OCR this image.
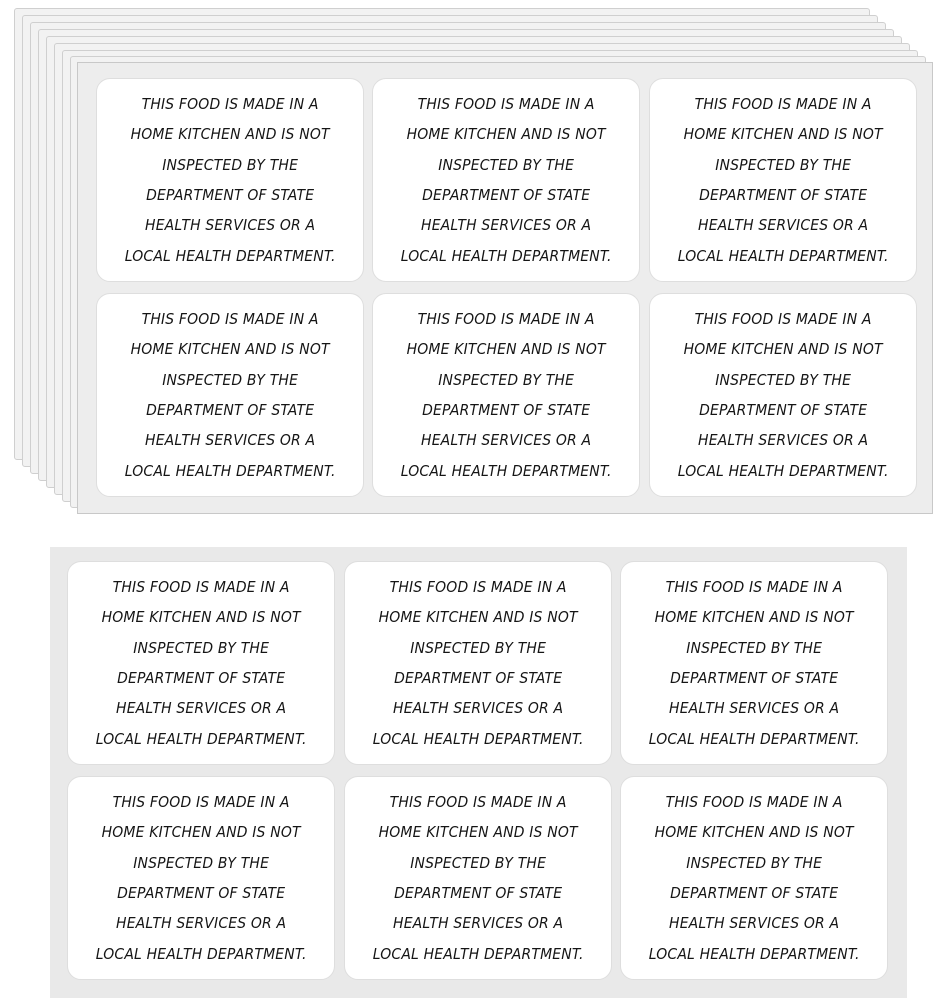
THIS FOOD IS MADE IN A
HOME KITCHEN AND IS NOT
INSPECTED BY THE
DEPARTMENT OF STATE
HEALTH SERVICES OR A
LOCAL HEALTH DEPARTMENT.
THIS FOOD IS MADE IN A
HOME KITCHEN AND IS NOT
INSPECTED BY THE
DEPARTMENT OF STATE
HEALTH SERVICES OR A
LOCAL HEALTH DEPARTMENT.
THIS FOOD IS MADE IN A
HOME KITCHEN AND IS NOT
INSPECTED BY THE
DEPARTMENT OF STATE
HEALTH SERVICES OR A
LOCAL HEALTH DEPARTMENT.
THIS FOOD IS MADE IN A
HOME KITCHEN AND IS NOT
INSPECTED BY THE
DEPARTMENT OF STATE
HEALTH SERVICES OR A
LOCAL HEALTH DEPARTMENT.
THIS FOOD IS MADE IN A
HOME KITCHEN AND IS NOT
INSPECTED BY THE
DEPARTMENT OF STATE
HEALTH SERVICES OR A
LOCAL HEALTH DEPARTMENT.
THIS FOOD IS MADE IN A
HOME KITCHEN AND IS NOT
INSPECTED BY THE
DEPARTMENT OF STATE
HEALTH SERVICES OR A
LOCAL HEALTH DEPARTMENT.
THIS FOOD IS MADE IN A
HOME KITCHEN AND IS NOT
INSPECTED BY THE
DEPARTMENT OF STATE
HEALTH SERVICES OR A
LOCAL HEALTH DEPARTMENT.
THIS FOOD IS MADE IN A
HOME KITCHEN AND IS NOT
INSPECTED BY THE
DEPARTMENT OF STATE
HEALTH SERVICES OR A
LOCAL HEALTH DEPARTMENT.
THIS FOOD IS MADE IN A
HOME KITCHEN AND IS NOT
INSPECTED BY THE
DEPARTMENT OF STATE
HEALTH SERVICES OR A
LOCAL HEALTH DEPARTMENT.
THIS FOOD IS MADE IN A
HOME KITCHEN AND IS NOT
INSPECTED BY THE
DEPARTMENT OF STATE
HEALTH SERVICES OR A
LOCAL HEALTH DEPARTMENT.
THIS FOOD IS MADE IN A
HOME KITCHEN AND IS NOT
INSPECTED BY THE
DEPARTMENT OF STATE
HEALTH SERVICES OR A
LOCAL HEALTH DEPARTMENT.
THIS FOOD IS MADE IN A
HOME KITCHEN AND IS NOT
INSPECTED BY THE
DEPARTMENT OF STATE
HEALTH SERVICES OR A
LOCAL HEALTH DEPARTMENT.
